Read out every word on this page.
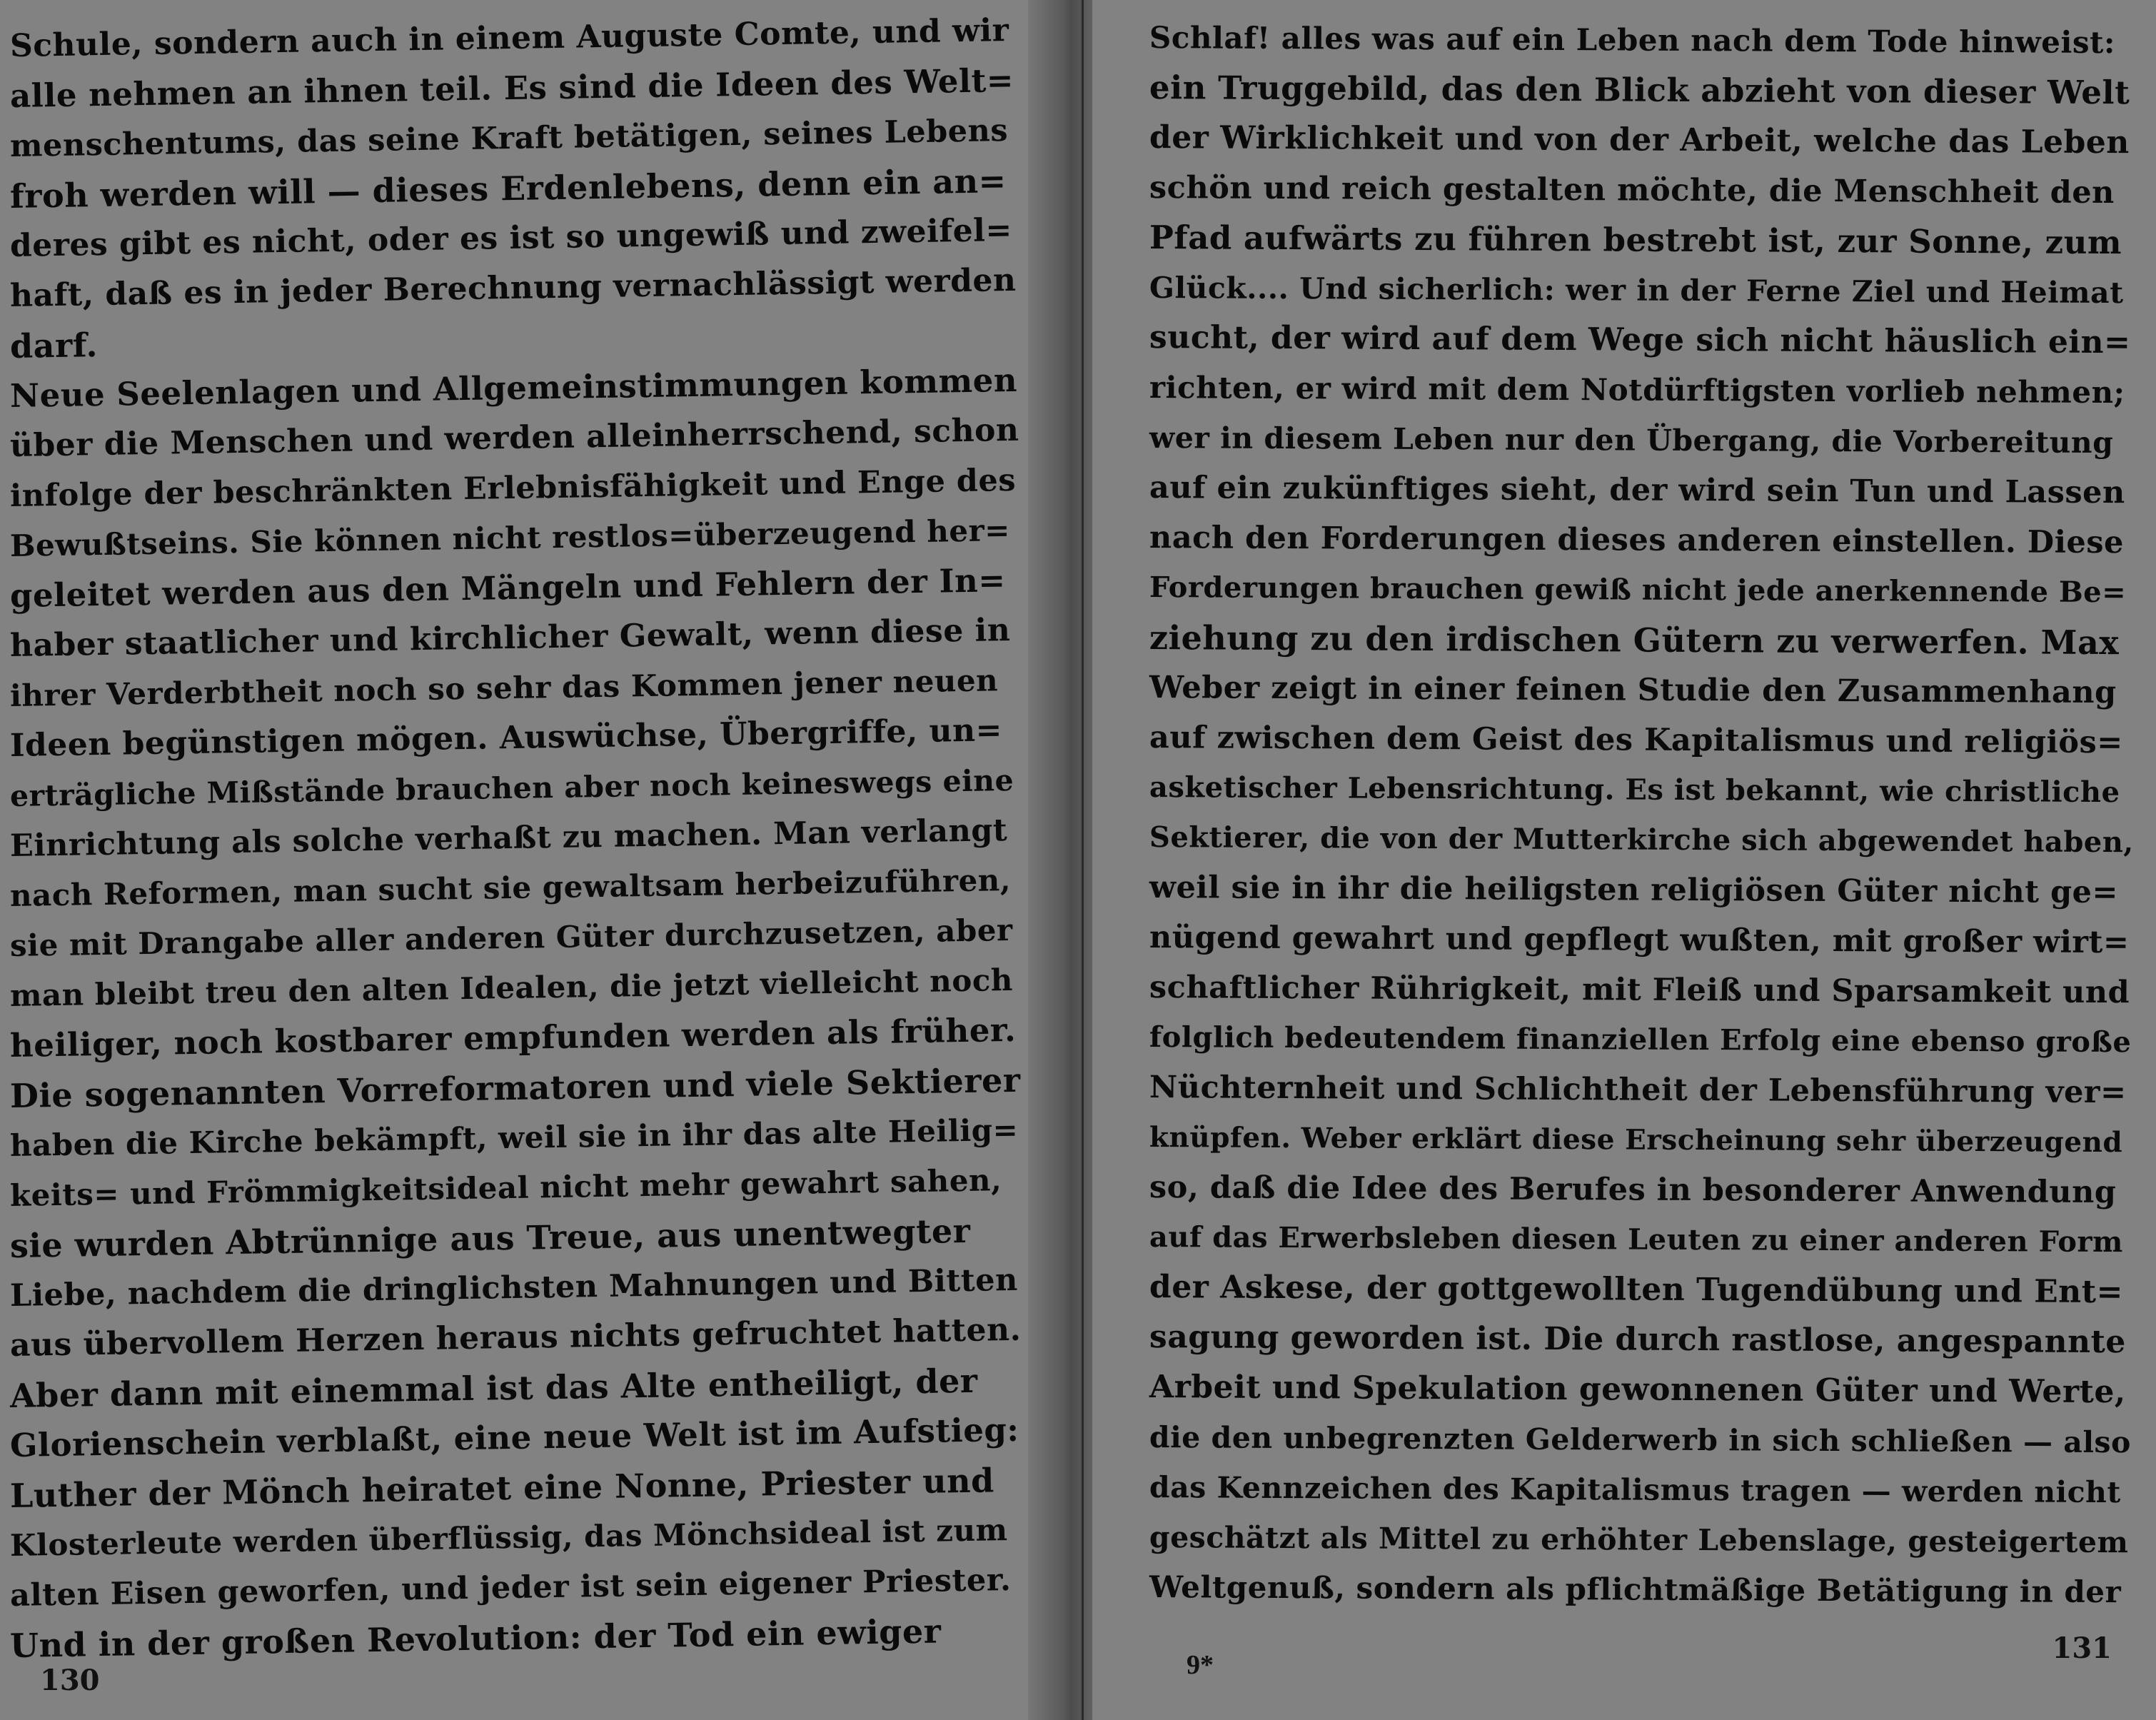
Schule, sondern auch in einem Auguste Comte, und wir
alle nehmen an ihnen teil. Es sind die Ideen des Welt=
menschentums, das seine Kraft betätigen, seines Lebens
froh werden will — dieses Erdenlebens, denn ein an=
deres gibt es nicht, oder es ist so ungewiß und zweifel=
haft, daß es in jeder Berechnung vernachlässigt werden
darf.
Neue Seelenlagen und Allgemeinstimmungen kommen
über die Menschen und werden alleinherrschend, schon
infolge der beschränkten Erlebnisfähigkeit und Enge des
Bewußtseins. Sie können nicht restlos=überzeugend her=
geleitet werden aus den Mängeln und Fehlern der In=
haber staatlicher und kirchlicher Gewalt, wenn diese in
ihrer Verderbtheit noch so sehr das Kommen jener neuen
Ideen begünstigen mögen. Auswüchse, Übergriffe, un=
erträgliche Mißstände brauchen aber noch keineswegs eine
Einrichtung als solche verhaßt zu machen. Man verlangt
nach Reformen, man sucht sie gewaltsam herbeizuführen,
sie mit Drangabe aller anderen Güter durchzusetzen, aber
man bleibt treu den alten Idealen, die jetzt vielleicht noch
heiliger, noch kostbarer empfunden werden als früher.
Die sogenannten Vorreformatoren und viele Sektierer
haben die Kirche bekämpft, weil sie in ihr das alte Heilig=
keits= und Frömmigkeitsideal nicht mehr gewahrt sahen,
sie wurden Abtrünnige aus Treue, aus unentwegter
Liebe, nachdem die dringlichsten Mahnungen und Bitten
aus übervollem Herzen heraus nichts gefruchtet hatten.
Aber dann mit einemmal ist das Alte entheiligt, der
Glorienschein verblaßt, eine neue Welt ist im Aufstieg:
Luther der Mönch heiratet eine Nonne, Priester und
Klosterleute werden überflüssig, das Mönchsideal ist zum
alten Eisen geworfen, und jeder ist sein eigener Priester.
Und in der großen Revolution: der Tod ein ewiger
130
Schlaf! alles was auf ein Leben nach dem Tode hinweist:
ein Truggebild, das den Blick abzieht von dieser Welt
der Wirklichkeit und von der Arbeit, welche das Leben
schön und reich gestalten möchte, die Menschheit den
Pfad aufwärts zu führen bestrebt ist, zur Sonne, zum
Glück.... Und sicherlich: wer in der Ferne Ziel und Heimat
sucht, der wird auf dem Wege sich nicht häuslich ein=
richten, er wird mit dem Notdürftigsten vorlieb nehmen;
wer in diesem Leben nur den Übergang, die Vorbereitung
auf ein zukünftiges sieht, der wird sein Tun und Lassen
nach den Forderungen dieses anderen einstellen. Diese
Forderungen brauchen gewiß nicht jede anerkennende Be=
ziehung zu den irdischen Gütern zu verwerfen. Max
Weber zeigt in einer feinen Studie den Zusammenhang
auf zwischen dem Geist des Kapitalismus und religiös=
asketischer Lebensrichtung. Es ist bekannt, wie christliche
Sektierer, die von der Mutterkirche sich abgewendet haben,
weil sie in ihr die heiligsten religiösen Güter nicht ge=
nügend gewahrt und gepflegt wußten, mit großer wirt=
schaftlicher Rührigkeit, mit Fleiß und Sparsamkeit und
folglich bedeutendem finanziellen Erfolg eine ebenso große
Nüchternheit und Schlichtheit der Lebensführung ver=
knüpfen. Weber erklärt diese Erscheinung sehr überzeugend
so, daß die Idee des Berufes in besonderer Anwendung
auf das Erwerbsleben diesen Leuten zu einer anderen Form
der Askese, der gottgewollten Tugendübung und Ent=
sagung geworden ist. Die durch rastlose, angespannte
Arbeit und Spekulation gewonnenen Güter und Werte,
die den unbegrenzten Gelderwerb in sich schließen — also
das Kennzeichen des Kapitalismus tragen — werden nicht
geschätzt als Mittel zu erhöhter Lebenslage, gesteigertem
Weltgenuß, sondern als pflichtmäßige Betätigung in der
131
9*
